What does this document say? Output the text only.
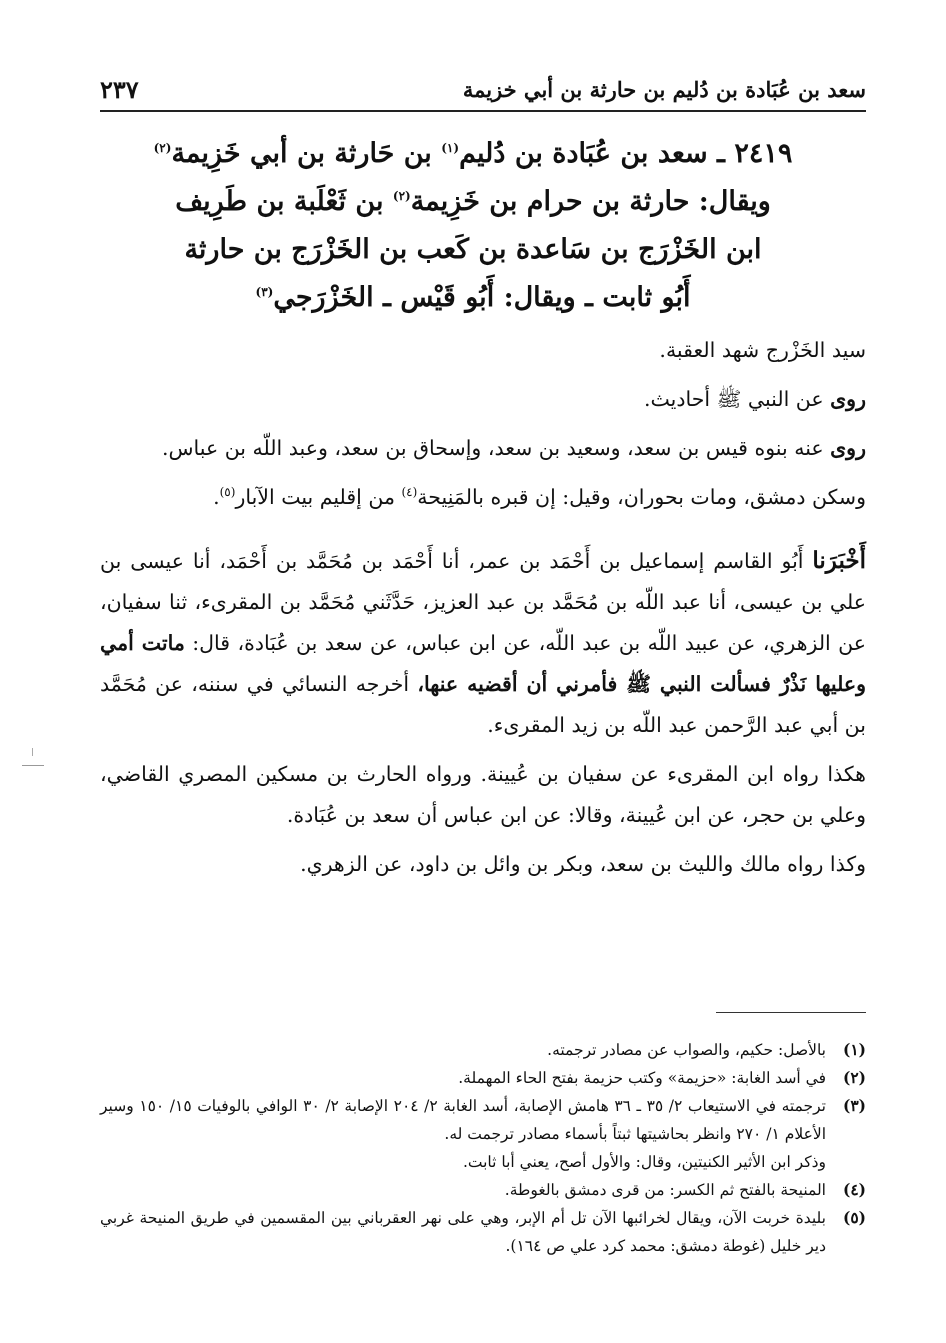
سعد بن عُبَادة بن دُليم بن حارثة بن أبي خزيمة
٢٣٧

٢٤١٩ ـ سعد بن عُبَادة بن دُليم$^{(١)}$ بن حَارثة بن أبي خَزِيمة$^{(٢)}$

ويقال: حارثة بن حرام بن خَزِيمة$^{(٢)}$ بن ثَعْلَبة بن طَرِيف

ابن الخَزْرَج بن سَاعدة بن كَعب بن الخَزْرَج بن حارثة

أَبُو ثابت ـ ويقال: أَبُو قَيْس ـ الخَزْرَجي$^{(٣)}$

سيد الخَزْرج شهد العقبة.

روى عن النبي ﷺ أحاديث.

روى عنه بنوه قيس بن سعد، وسعيد بن سعد، وإسحاق بن سعد، وعبد اللّه بن عباس.

وسكن دمشق، ومات بحوران، وقيل: إن قبره بالمَنِيحة$^{(٤)}$ من إقليم بيت الآبار$^{(٥)}$.

أَخْبَرَنا أَبُو القاسم إسماعيل بن أَحْمَد بن عمر، أنا أَحْمَد بن مُحَمَّد بن أَحْمَد، أنا عيسى بن علي بن عيسى، أنا عبد اللّه بن مُحَمَّد بن عبد العزيز، حَدَّثَني مُحَمَّد بن المقرىء، ثنا سفيان، عن الزهري، عن عبيد اللّه بن عبد اللّه، عن ابن عباس، عن سعد بن عُبَادة، قال: ماتت أمي وعليها نَذْرٌ فسألت النبي ﷺ فأمرني أن أقضيه عنها، أخرجه النسائي في سننه، عن مُحَمَّد بن أبي عبد الرَّحمن عبد اللّه بن زيد المقرىء.

هكذا رواه ابن المقرىء عن سفيان بن عُيينة. ورواه الحارث بن مسكين المصري القاضي، وعلي بن حجر، عن ابن عُيينة، وقالا: عن ابن عباس أن سعد بن عُبَادة.

وكذا رواه مالك والليث بن سعد، وبكر بن وائل بن داود، عن الزهري.

(١)
بالأصل: حكيم، والصواب عن مصادر ترجمته.
(٢)
في أسد الغابة: «حزيمة» وكتب حزيمة بفتح الحاء المهملة.
(٣)
ترجمته في الاستيعاب ٢/ ٣٥ ـ ٣٦ هامش الإصابة، أسد الغابة ٢/ ٢٠٤ الإصابة ٢/ ٣٠ الوافي بالوفيات ١٥/ ١٥٠ وسير الأعلام ١/ ٢٧٠ وانظر بحاشيتها ثبتاً بأسماء مصادر ترجمت له.
وذكر ابن الأثير الكنيتين، وقال: والأول أصح، يعني أبا ثابت.
(٤)
المنيحة بالفتح ثم الكسر: من قرى دمشق بالغوطة.
(٥)
بليدة خربت الآن، ويقال لخرائبها الآن تل أم الإبر، وهي على نهر العقرباني بين المقسمين في طريق المنيحة غربي دير خليل (غوطة دمشق: محمد كرد علي ص ١٦٤).
